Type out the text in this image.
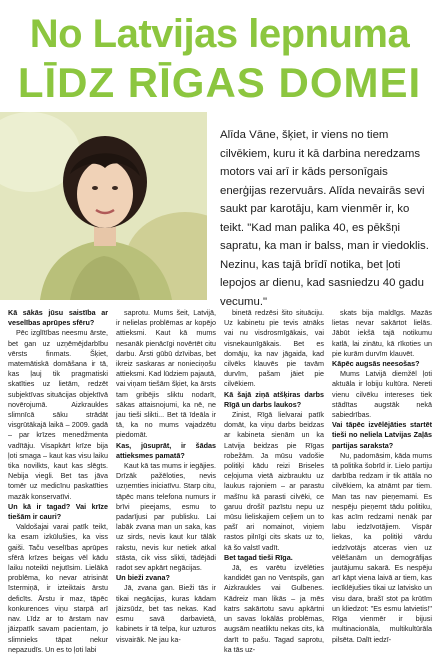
No Latvijas lepnuma
LĪDZ RĪGAS DOMEI
Alīda Vāne, šķiet, ir viens no tiem cilvēkiem, kuru it kā darbina neredzams motors vai arī ir kāds personīgais enerģijas rezervuārs. Alīda nevairās sevi saukt par karotāju, kam vienmēr ir, ko teikt. "Kad man palika 40, es pēkšņi sapratu, ka man ir balss, man ir viedoklis. Nezinu, kas tajā brīdī notika, bet ļoti lepojos ar dienu, kad sasniedzu 40 gadu vecumu."

Kā sākās jūsu saistība ar veselības aprūpes sfēru?

Pēc izglītības neesmu ārste, bet gan uz uzņēmējdarbību vērsts finmats. Šķiet, matemātiskā domāšana ir tā, kas ļauj tik pragmatiski skatīties uz lietām, redzēt subjektīvas situācijas objektīvā novērojumā. Aizkraukles slimnīcā sāku strādāt visgrūtākajā laikā – 2009. gadā – par krīzes menedžmenta vadītāju. Visapkārt krīze bija ļoti smaga – kaut kas visu laiku tika novilkts, kaut kas slēgts. Nebija viegli. Bet tas jāva tomēr uz medicīnu paskatīties mazāk konservatīvi.

Un kā ir tagad? Vai krīze tiešām ir cauri?

Valdošajai varai patīk teikt, ka esam izkūlušies, ka viss gaiši. Taču veselības aprūpes sfērā krīzes beigas vēl kādu laiku noteikti nejutīsim. Lielākā problēma, ko nevar atrisināt īstermiņā, ir izteiktais ārstu deficīts. Ārstu ir maz, tāpēc konkurences viņu starpā arī nav. Līdz ar to ārstam nav jāizpatīk savam pacientam, jo slimnieks tāpat nekur nepazudīs. Un es to ļoti labi

saprotu. Mums šeit, Latvijā, ir nelielas problēmas ar kopējo attieksmi. Kaut kā mums nesanāk pienācīgi novērtēt citu darbu. Ārsti gūbū dzīvibas, bet ikreiz saskaras ar nonieciņošu attieksmi. Kad lūdziem pajautā, vai viņam tiešām šķiet, ka ārsts tam gribējis sliktu nodarīt, sākas attaisnojumi, ka nē, ne jau tieši slikti... Bet tā īdeāla ir tā, ka no mums vajadzētu piedomāt.

Kas, jūsuprāt, ir šādas attieksmes pamatā?

Kaut kā tas mums ir iegājies. Drīzāk pažēloties, nevis uzņemties iniciatīvu. Starp citu, tāpēc mans telefona numurs ir brīvi pieejams, esmu to padarījusi par publisku. Lai labāk zvana man un saka, kas uz sirds, nevis kaut kur tālāk rakstu, nevis kur netiek atkal stāsta, cik viss slikti, tādējādi radot sev apkārt negācijas.

Un bieži zvana?

Jā, zvana gan. Bieži tās ir tikai negācijas, kuras kādam jāizsūdz, bet tas nekas. Kad esmu savā darbavietā, kabinets ir tā telpa, kur uzturos visvairāk. Ne jau ka-

binetā redzēsi šito situāciju. Uz kabinetu pie tevis atnāks vai nu visdrosmīgākais, vai visnekaunīgākais. Bet es domāju, ka nav jāgaida, kad cilvēks klauvēs pie tavām durvīm, pašam jāiet pie cilvēkiem.

Kā šajā ziņā atšķiras darbs Rīgā un darbs laukos?

Zinist, Rīgā lielvarai patīk domāt, ka viņu darbs beidzas ar kabineta sienām un ka Latvija beidzas pie Rīgas robežām. Ja mūsu vadošie politiķi kādu reizi Briseles ceļojuma vietā aizbrauktu uz laukus rajoniem – ar parastu mašīnu kā parasti cilvēki, ce garuu drošiī pazīstu nepu uz mūsu lieliskajiem ceļiem un to pašī ari nomainot, viņiem rastos pilnīgi cits skats uz to, kā šo valstī vadīt.

Bet tagad tieši Rīga.

Jā, es varētu izvēlēties kandidēt gan no Ventspils, gan Aizkraukles vai Gulbenes. Kādreiz man likās – ja mēs katrs sakārtotu savu apkārtni un savas lokālās problēmas, augsām neatliktu nekas cits, kā darīt to pašu. Tagad saprotu, ka tās uz-

skats bija maldīgs. Mazās lietas nevar sakārtot lielās. Jābūt iekšā tajā notikumu katlā, lai zinātu, kā rīkoties un pie kurām durvīm klauvēt.

Kāpēc augsās neesošas?

Mums Latvijā diemžēl ļoti aktuāla ir lobiju kultūra. Nereti vienu cilvēku intereses tiek stādītas augstāk nekā sabiedrības.

Vai tāpēc izvēlējāties startēt tieši no neliela Latvijas Zaļās partijas saraksta?

Nu, padomāsim, kāda mums tā politika šobrīd ir. Lielo partiju darbība redzam ir tik attāla no cilvēkiem, ka atnāmt par tiem. Man tas nav pieņemami. Es nespēju pieņemt tādu politiku, kas acīm redzami nenāk par labu iedzīvotājiem. Vispār liekas, ka politiķi vārdu iedzīvotājs atceras vien uz vēlēšanām un demogrāfijas jautājumu sakarā. Es nespēju arī kāpt viena laivā ar tiem, kas iecīklējušies tikai uz latvisko un visu dara, brašī stot pa krūtīm un kliedzot: "Es esmu latvietis!" Rīga vienmēr ir bijusi multinacionāla, multikultūrāla pilsēta. Dalīt iedzī-
